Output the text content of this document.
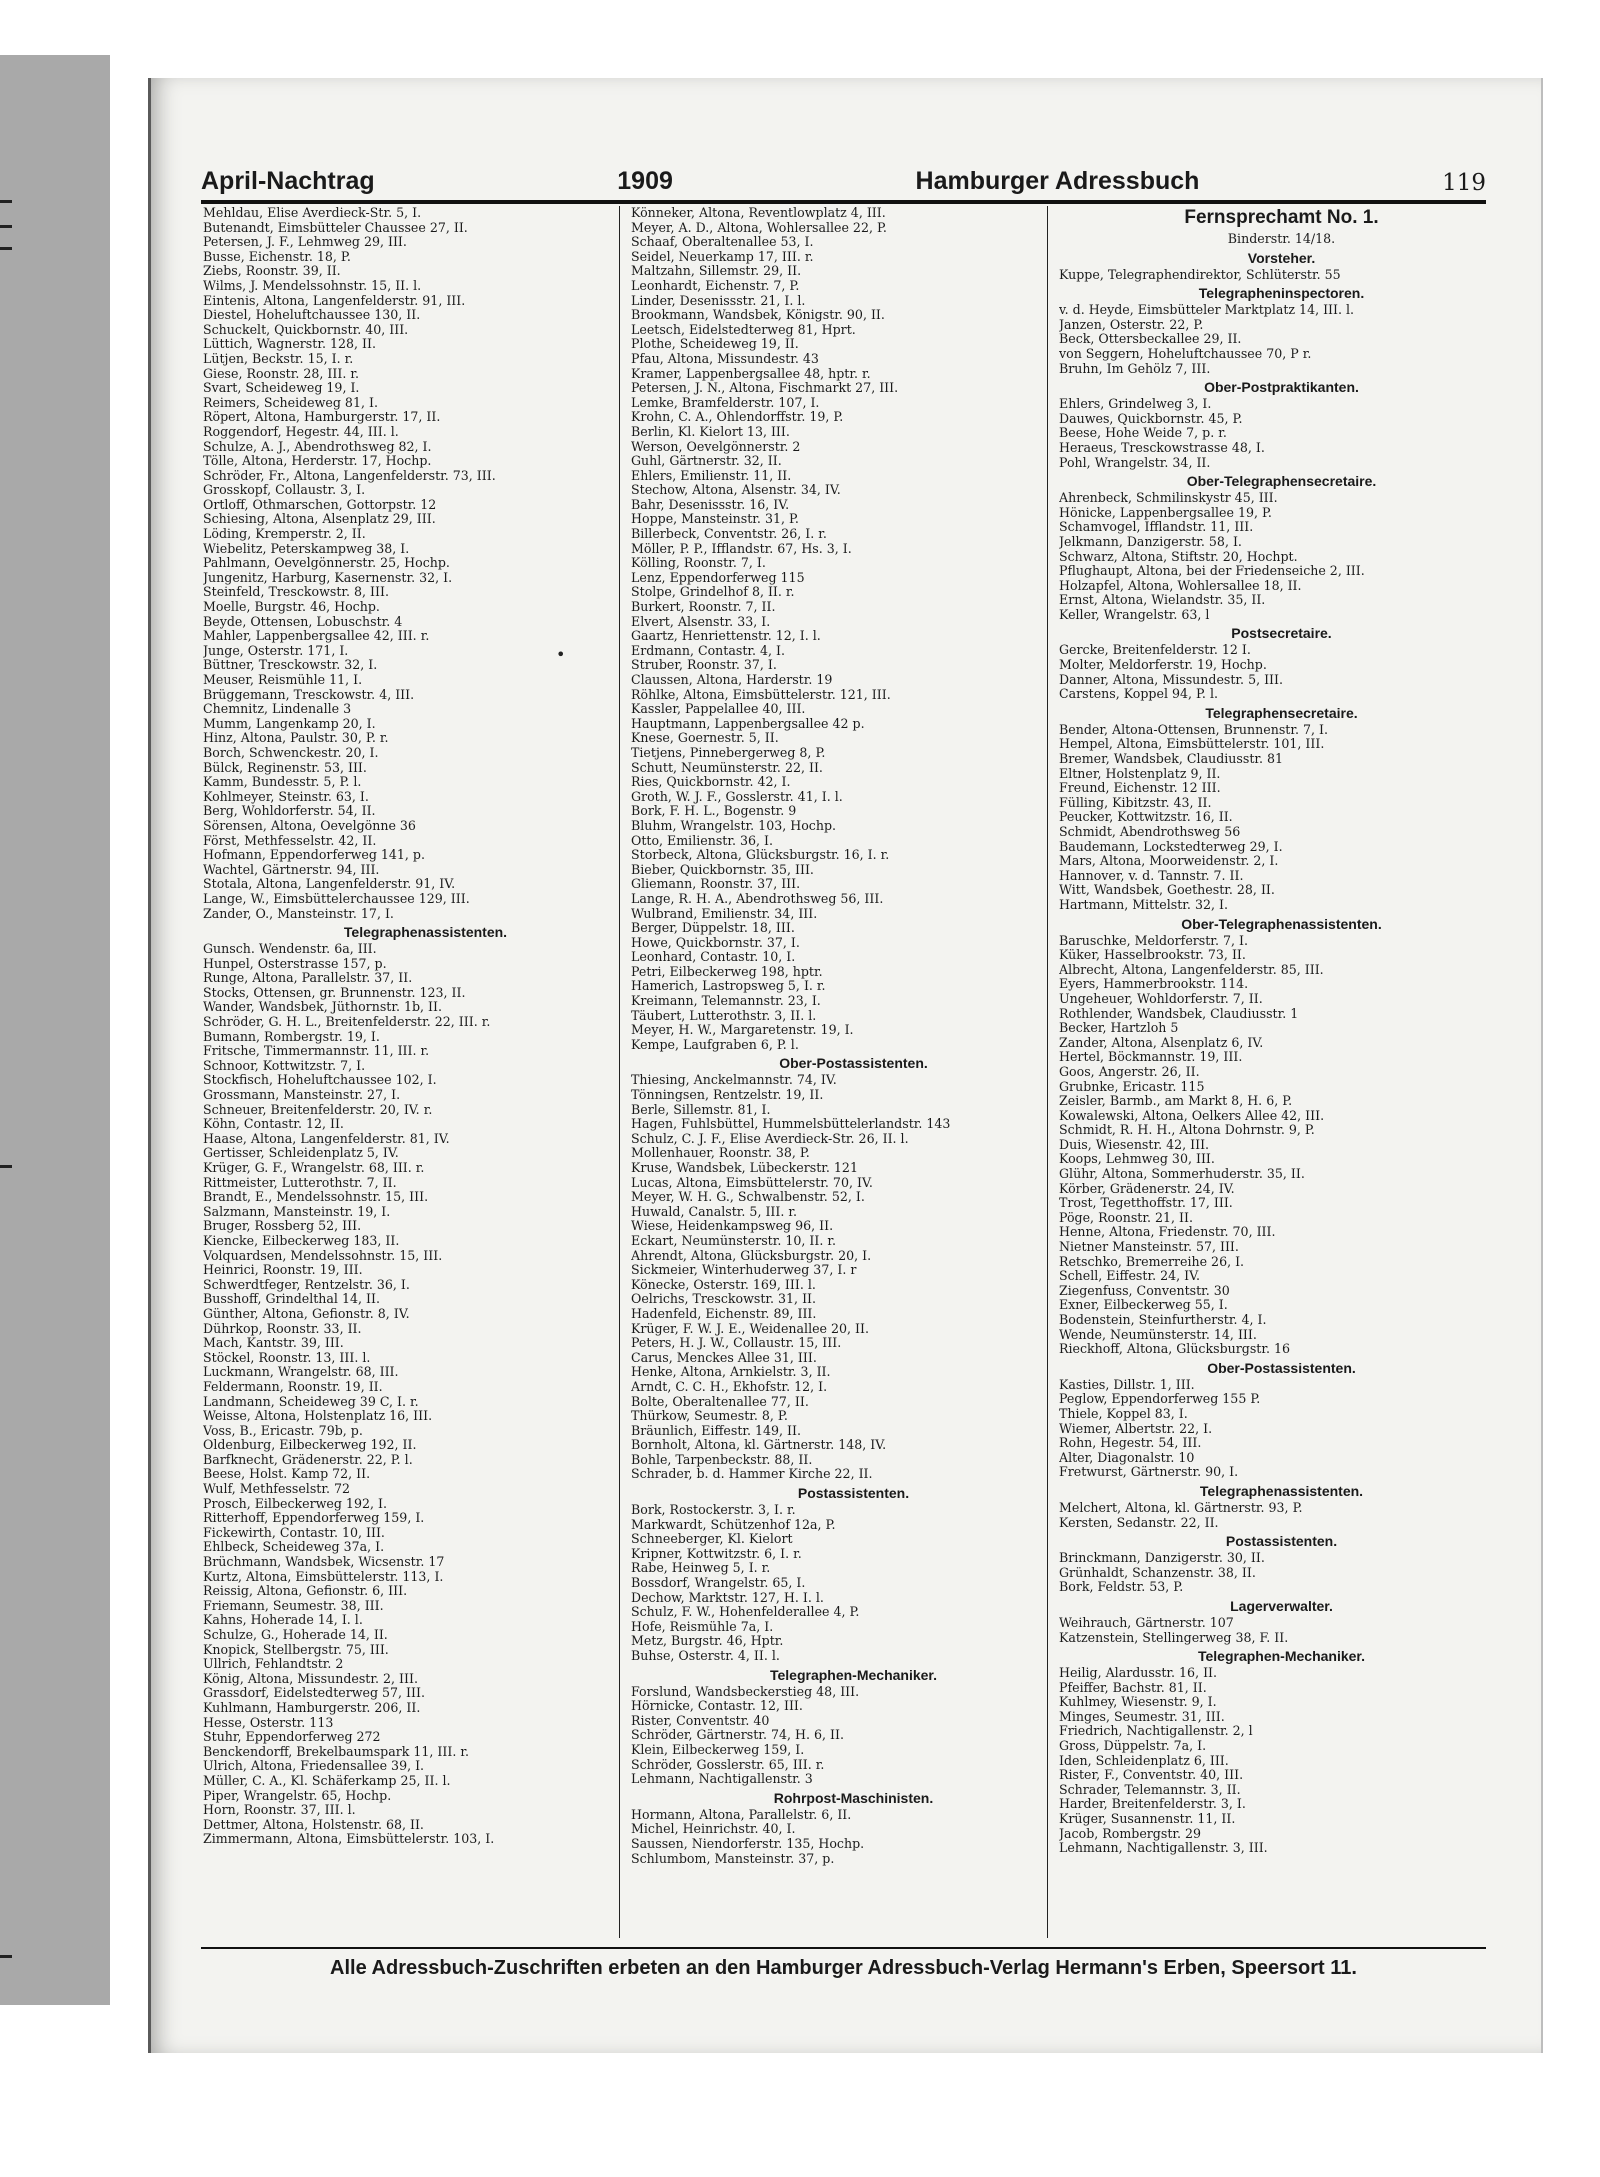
April-Nachtrag	1909	Hamburger Adressbuch	119
Mehldau, Elise Averdieck-Str. 5, I.
Butenandt, Eimsbütteler Chaussee 27, II.
Petersen, J. F., Lehmweg 29, III.
Busse, Eichenstr. 18, P.
Ziebs, Roonstr. 39, II.
Wilms, J. Mendelssohnstr. 15, II. l.
Eintenis, Altona, Langenfelderstr. 91, III.
Diestel, Hoheluftchaussee 130, II.
Schuckelt, Quickbornstr. 40, III.
Lüttich, Wagnerstr. 128, II.
Lütjen, Beckstr. 15, I. r.
Giese, Roonstr. 28, III. r.
Svart, Scheideweg 19, I.
Reimers, Scheideweg 81, I.
Röpert, Altona, Hamburgerstr. 17, II.
Roggendorf, Hegestr. 44, III. l.
Schulze, A. J., Abendrothsweg 82, I.
Tölle, Altona, Herderstr. 17, Hochp.
Schröder, Fr., Altona, Langenfelderstr. 73, III.
Grosskopf, Collaustr. 3, I.
Ortloff, Othmarschen, Gottorpstr. 12
Schiesing, Altona, Alsenplatz 29, III.
Löding, Kremperstr. 2, II.
Wiebelitz, Peterskampweg 38, I.
Pahlmann, Oevelgönnerstr. 25, Hochp.
Jungenitz, Harburg, Kasernenstr. 32, I.
Steinfeld, Tresckowstr. 8, III.
Moelle, Burgstr. 46, Hochp.
Beyde, Ottensen, Lobuschstr. 4
Mahler, Lappenbergsallee 42, III. r.
Junge, Osterstr. 171, I.
Büttner, Tresckowstr. 32, I.
Meuser, Reismühle 11, I.
Brüggemann, Tresckowstr. 4, III.
Chemnitz, Lindenalle 3
Mumm, Langenkamp 20, I.
Hinz, Altona, Paulstr. 30, P. r.
Borch, Schwenckestr. 20, I.
Bülck, Reginenstr. 53, III.
Kamm, Bundesstr. 5, P. l.
Kohlmeyer, Steinstr. 63, I.
Berg, Wohldorferstr. 54, II.
Sörensen, Altona, Oevelgönne 36
Först, Methfesselstr. 42, II.
Hofmann, Eppendorferweg 141, p.
Wachtel, Gärtnerstr. 94, III.
Stotala, Altona, Langenfelderstr. 91, IV.
Lange, W., Eimsbüttelerchaussee 129, III.
Zander, O., Mansteinstr. 17, I.
Telegraphenassistenten.
Gunsch. Wendenstr. 6a, III.
Hunpel, Osterstrasse 157, p.
Runge, Altona, Parallelstr. 37, II.
Stocks, Ottensen, gr. Brunnenstr. 123, II.
Wander, Wandsbek, Jüthornstr. 1b, II.
Schröder, G. H. L., Breitenfelderstr. 22, III. r.
Bumann, Rombergstr. 19, I.
Fritsche, Timmermannstr. 11, III. r.
Schnoor, Kottwitzstr. 7, I.
Stockfisch, Hoheluftchaussee 102, I.
Grossmann, Mansteinstr. 27, I.
Schneuer, Breitenfelderstr. 20, IV. r.
Köhn, Contastr. 12, II.
Haase, Altona, Langenfelderstr. 81, IV.
Gertisser, Schleidenplatz 5, IV.
Krüger, G. F., Wrangelstr. 68, III. r.
Rittmeister, Lutterothstr. 7, II.
Brandt, E., Mendelssohnstr. 15, III.
Salzmann, Mansteinstr. 19, I.
Bruger, Rossberg 52, III.
Kiencke, Eilbeckerweg 183, II.
Volquardsen, Mendelssohnstr. 15, III.
Heinrici, Roonstr. 19, III.
Schwerdtfeger, Rentzelstr. 36, I.
Busshoff, Grindelthal 14, II.
Günther, Altona, Gefionstr. 8, IV.
Dührkop, Roonstr. 33, II.
Mach, Kantstr. 39, III.
Stöckel, Roonstr. 13, III. l.
Luckmann, Wrangelstr. 68, III.
Feldermann, Roonstr. 19, II.
Landmann, Scheideweg 39 C, I. r.
Weisse, Altona, Holstenplatz 16, III.
Voss, B., Ericastr. 79b, p.
Oldenburg, Eilbeckerweg 192, II.
Barfknecht, Grädenerstr. 22, P. l.
Beese, Holst. Kamp 72, II.
Wulf, Methfesselstr. 72
Prosch, Eilbeckerweg 192, I.
Ritterhoff, Eppendorferweg 159, I.
Fickewirth, Contastr. 10, III.
Ehlbeck, Scheideweg 37a, I.
Brüchmann, Wandsbek, Wicsenstr. 17
Kurtz, Altona, Eimsbüttelerstr. 113, I.
Reissig, Altona, Gefionstr. 6, III.
Friemann, Seumestr. 38, III.
Kahns, Hoherade 14, I. l.
Schulze, G., Hoherade 14, II.
Knopick, Stellbergstr. 75, III.
Ullrich, Fehlandtstr. 2
König, Altona, Missundestr. 2, III.
Grassdorf, Eidelstedterweg 57, III.
Kuhlmann, Hamburgerstr. 206, II.
Hesse, Osterstr. 113
Stuhr, Eppendorferweg 272
Benckendorff, Brekelbaumspark 11, III. r.
Ulrich, Altona, Friedensallee 39, I.
Müller, C. A., Kl. Schäferkamp 25, II. l.
Piper, Wrangelstr. 65, Hochp.
Horn, Roonstr. 37, III. l.
Dettmer, Altona, Holstenstr. 68, II.
Zimmermann, Altona, Eimsbüttelerstr. 103, I.
Könneker, Altona, Reventlowplatz 4, III.
Meyer, A. D., Altona, Wohlersallee 22, P.
Schaaf, Oberaltenallee 53, I.
Seidel, Neuerkamp 17, III. r.
Maltzahn, Sillemstr. 29, II.
Leonhardt, Eichenstr. 7, P.
Linder, Desenissstr. 21, I. l.
Brookmann, Wandsbek, Königstr. 90, II.
Leetsch, Eidelstedterweg 81, Hprt.
Plothe, Scheideweg 19, II.
Pfau, Altona, Missundestr. 43
Kramer, Lappenbergsallee 48, hptr. r.
Petersen, J. N., Altona, Fischmarkt 27, III.
Lemke, Bramfelderstr. 107, I.
Krohn, C. A., Ohlendorffstr. 19, P.
Berlin, Kl. Kielort 13, III.
Werson, Oevelgönnerstr. 2
Guhl, Gärtnerstr. 32, II.
Ehlers, Emilienstr. 11, II.
Stechow, Altona, Alsenstr. 34, IV.
Bahr, Desenissstr. 16, IV.
Hoppe, Mansteinstr. 31, P.
Billerbeck, Conventstr. 26, I. r.
Möller, P. P., Ifflandstr. 67, Hs. 3, I.
Kölling, Roonstr. 7, I.
Lenz, Eppendorferweg 115
Stolpe, Grindelhof 8, II. r.
Burkert, Roonstr. 7, II.
Elvert, Alsenstr. 33, I.
Gaartz, Henriettenstr. 12, I. l.
Erdmann, Contastr. 4, I.
Struber, Roonstr. 37, I.
Claussen, Altona, Harderstr. 19
Röhlke, Altona, Eimsbüttelerstr. 121, III.
Kassler, Pappelallee 40, III.
Hauptmann, Lappenbergsallee 42 p.
Knese, Goernestr. 5, II.
Tietjens, Pinnebergerweg 8, P.
Schutt, Neumünsterstr. 22, II.
Ries, Quickbornstr. 42, I.
Groth, W. J. F., Gosslerstr. 41, I. l.
Bork, F. H. L., Bogenstr. 9
Bluhm, Wrangelstr. 103, Hochp.
Otto, Emilienstr. 36, I.
Storbeck, Altona, Glücksburgstr. 16, I. r.
Bieber, Quickbornstr. 35, III.
Gliemann, Roonstr. 37, III.
Lange, R. H. A., Abendrothsweg 56, III.
Wulbrand, Emilienstr. 34, III.
Berger, Düppelstr. 18, III.
Howe, Quickbornstr. 37, I.
Leonhard, Contastr. 10, I.
Petri, Eilbeckerweg 198, hptr.
Hamerich, Lastropsweg 5, I. r.
Kreimann, Telemannstr. 23, I.
Täubert, Lutterothstr. 3, II. l.
Meyer, H. W., Margaretenstr. 19, I.
Kempe, Laufgraben 6, P. l.
Ober-Postassistenten.
Thiesing, Anckelmannstr. 74, IV.
Tönningsen, Rentzelstr. 19, II.
Berle, Sillemstr. 81, I.
Hagen, Fuhlsbüttel, Hummelsbüttelerlandstr. 143
Schulz, C. J. F., Elise Averdieck-Str. 26, II. l.
Mollenhauer, Roonstr. 38, P.
Kruse, Wandsbek, Lübeckerstr. 121
Lucas, Altona, Eimsbüttelerstr. 70, IV.
Meyer, W. H. G., Schwalbenstr. 52, I.
Huwald, Canalstr. 5, III. r.
Wiese, Heidenkampsweg 96, II.
Eckart, Neumünsterstr. 10, II. r.
Ahrendt, Altona, Glücksburgstr. 20, I.
Sickmeier, Winterhuderweg 37, I. r
Könecke, Osterstr. 169, III. l.
Oelrichs, Tresckowstr. 31, II.
Hadenfeld, Eichenstr. 89, III.
Krüger, F. W. J. E., Weidenallee 20, II.
Peters, H. J. W., Collaustr. 15, III.
Carus, Menckes Allee 31, III.
Henke, Altona, Arnkielstr. 3, II.
Arndt, C. C. H., Ekhofstr. 12, I.
Bolte, Oberaltenallee 77, II.
Thürkow, Seumestr. 8, P.
Bräunlich, Eiffestr. 149, II.
Bornholt, Altona, kl. Gärtnerstr. 148, IV.
Bohle, Tarpenbeckstr. 88, II.
Schrader, b. d. Hammer Kirche 22, II.
Postassistenten.
Bork, Rostockerstr. 3, I. r.
Markwardt, Schützenhof 12a, P.
Schneeberger, Kl. Kielort
Kripner, Kottwitzstr. 6, I. r.
Rabe, Heinweg 5, I. r.
Bossdorf, Wrangelstr. 65, I.
Dechow, Marktstr. 127, H. I. l.
Schulz, F. W., Hohenfelderallee 4, P.
Hofe, Reismühle 7a, I.
Metz, Burgstr. 46, Hptr.
Buhse, Osterstr. 4, II. l.
Telegraphen-Mechaniker.
Forslund, Wandsbeckerstieg 48, III.
Hörnicke, Contastr. 12, III.
Rister, Conventstr. 40
Schröder, Gärtnerstr. 74, H. 6, II.
Klein, Eilbeckerweg 159, I.
Schröder, Gosslerstr. 65, III. r.
Lehmann, Nachtigallenstr. 3
Rohrpost-Maschinisten.
Hormann, Altona, Parallelstr. 6, II.
Michel, Heinrichstr. 40, I.
Saussen, Niendorferstr. 135, Hochp.
Schlumbom, Mansteinstr. 37, p.
Fernsprechamt No. 1.
Binderstr. 14/18.
Vorsteher.
Kuppe, Telegraphendirektor, Schlüterstr. 55
Telegrapheninspectoren.
v. d. Heyde, Eimsbütteler Marktplatz 14, III. l.
Janzen, Osterstr. 22, P.
Beck, Ottersbeckallee 29, II.
von Seggern, Hoheluftchaussee 70, P r.
Bruhn, Im Gehölz 7, III.
Ober-Postpraktikanten.
Ehlers, Grindelweg 3, I.
Dauwes, Quickbornstr. 45, P.
Beese, Hohe Weide 7, p. r.
Heraeus, Tresckowstrasse 48, I.
Pohl, Wrangelstr. 34, II.
Ober-Telegraphensecretaire.
Ahrenbeck, Schmilinskystr 45, III.
Hönicke, Lappenbergsallee 19, P.
Schamvogel, Ifflandstr. 11, III.
Jelkmann, Danzigerstr. 58, I.
Schwarz, Altona, Stiftstr. 20, Hochpt.
Pflughaupt, Altona, bei der Friedenseiche 2, III.
Holzapfel, Altona, Wohlersallee 18, II.
Ernst, Altona, Wielandstr. 35, II.
Keller, Wrangelstr. 63, l
Postsecretaire.
Gercke, Breitenfelderstr. 12 I.
Molter, Meldorferstr. 19, Hochp.
Danner, Altona, Missundestr. 5, III.
Carstens, Koppel 94, P. l.
Telegraphensecretaire.
Bender, Altona-Ottensen, Brunnenstr. 7, I.
Hempel, Altona, Eimsbüttelerstr. 101, III.
Bremer, Wandsbek, Claudiusstr. 81
Eltner, Holstenplatz 9, II.
Freund, Eichenstr. 12 III.
Fülling, Kibitzstr. 43, II.
Peucker, Kottwitzstr. 16, II.
Schmidt, Abendrothsweg 56
Baudemann, Lockstedterweg 29, I.
Mars, Altona, Moorweidenstr. 2, I.
Hannover, v. d. Tannstr. 7. II.
Witt, Wandsbek, Goethestr. 28, II.
Hartmann, Mittelstr. 32, I.
Ober-Telegraphenassistenten.
Baruschke, Meldorferstr. 7, I.
Küker, Hasselbrookstr. 73, II.
Albrecht, Altona, Langenfelderstr. 85, III.
Eyers, Hammerbrookstr. 114.
Ungeheuer, Wohldorferstr. 7, II.
Rothlender, Wandsbek, Claudiusstr. 1
Becker, Hartzloh 5
Zander, Altona, Alsenplatz 6, IV.
Hertel, Böckmannstr. 19, III.
Goos, Angerstr. 26, II.
Grubnke, Ericastr. 115
Zeisler, Barmb., am Markt 8, H. 6, P.
Kowalewski, Altona, Oelkers Allee 42, III.
Schmidt, R. H. H., Altona Dohrnstr. 9, P.
Duis, Wiesenstr. 42, III.
Koops, Lehmweg 30, III.
Glühr, Altona, Sommerhuderstr. 35, II.
Körber, Grädenerstr. 24, IV.
Trost, Tegetthoffstr. 17, III.
Pöge, Roonstr. 21, II.
Henne, Altona, Friedenstr. 70, III.
Nietner Mansteinstr. 57, III.
Retschko, Bremerreihe 26, I.
Schell, Eiffestr. 24, IV.
Ziegenfuss, Conventstr. 30
Exner, Eilbeckerweg 55, I.
Bodenstein, Steinfurtherstr. 4, I.
Wende, Neumünsterstr. 14, III.
Rieckhoff, Altona, Glücksburgstr. 16
Ober-Postassistenten.
Kasties, Dillstr. 1, III.
Peglow, Eppendorferweg 155 P.
Thiele, Koppel 83, I.
Wiemer, Albertstr. 22, I.
Rohn, Hegestr. 54, III.
Alter, Diagonalstr. 10
Fretwurst, Gärtnerstr. 90, I.
Telegraphenassistenten.
Melchert, Altona, kl. Gärtnerstr. 93, P.
Kersten, Sedanstr. 22, II.
Postassistenten.
Brinckmann, Danzigerstr. 30, II.
Grünhaldt, Schanzenstr. 38, II.
Bork, Feldstr. 53, P.
Lagerverwalter.
Weihrauch, Gärtnerstr. 107
Katzenstein, Stellingerweg 38, F. II.
Telegraphen-Mechaniker.
Heilig, Alardusstr. 16, II.
Pfeiffer, Bachstr. 81, II.
Kuhlmey, Wiesenstr. 9, I.
Minges, Seumestr. 31, III.
Friedrich, Nachtigallenstr. 2, l
Gross, Düppelstr. 7a, I.
Iden, Schleidenplatz 6, III.
Rister, F., Conventstr. 40, III.
Schrader, Telemannstr. 3, II.
Harder, Breitenfelderstr. 3, I.
Krüger, Susannenstr. 11, II.
Jacob, Rombergstr. 29
Lehmann, Nachtigallenstr. 3, III.
•
Alle Adressbuch-Zuschriften erbeten an den Hamburger Adressbuch-Verlag Hermann's Erben, Speersort 11.
